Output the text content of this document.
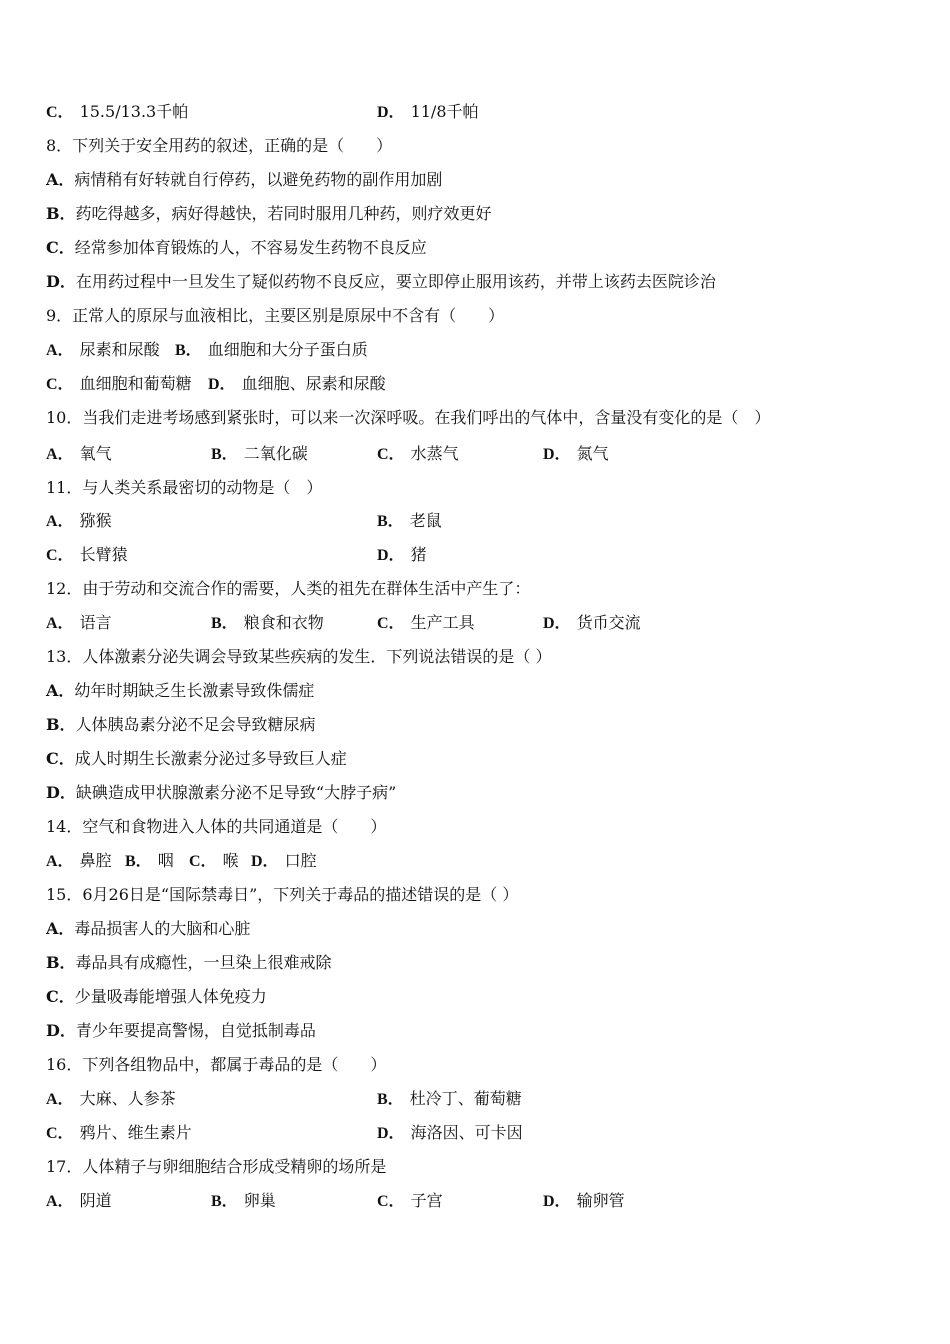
C． 15.5/13.3千帕	D． 11/8千帕
8．下列关于安全用药的叙述，正确的是（　　）
A．病情稍有好转就自行停药，以避免药物的副作用加剧
B．药吃得越多，病好得越快，若同时服用几种药，则疗效更好
C．经常参加体育锻炼的人，不容易发生药物不良反应
D．在用药过程中一旦发生了疑似药物不良反应，要立即停止服用该药，并带上该药去医院诊治
9．正常人的原尿与血液相比，主要区别是原尿中不含有（　　）
A． 尿素和尿酸 B． 血细胞和大分子蛋白质
C． 血细胞和葡萄糖 D． 血细胞、尿素和尿酸
10．当我们走进考场感到紧张时，可以来一次深呼吸。在我们呼出的气体中，含量没有变化的是（　）
A． 氧气	B． 二氧化碳	C． 水蒸气	D． 氮气
11．与人类关系最密切的动物是（　）
A． 猕猴	B． 老鼠
C． 长臂猿	D． 猪
12．由于劳动和交流合作的需要，人类的祖先在群体生活中产生了：
A． 语言	B． 粮食和衣物	C． 生产工具	D． 货币交流
13．人体激素分泌失调会导致某些疾病的发生．下列说法错误的是（ ）
A．幼年时期缺乏生长激素导致侏儒症
B．人体胰岛素分泌不足会导致糖尿病
C．成人时期生长激素分泌过多导致巨人症
D．缺碘造成甲状腺激素分泌不足导致“大脖子病”
14．空气和食物进入人体的共同通道是（　　）
A． 鼻腔 B． 咽 C． 喉 D． 口腔
15．6月26日是“国际禁毒日”，下列关于毒品的描述错误的是（ ）
A．毒品损害人的大脑和心脏
B．毒品具有成瘾性，一旦染上很难戒除
C．少量吸毒能增强人体免疫力
D．青少年要提高警惕，自觉抵制毒品
16．下列各组物品中，都属于毒品的是（　　）
A． 大麻、人参茶	B． 杜冷丁、葡萄糖
C． 鸦片、维生素片	D． 海洛因、可卡因
17．人体精子与卵细胞结合形成受精卵的场所是
A． 阴道	B． 卵巢	C． 子宫	D． 输卵管
